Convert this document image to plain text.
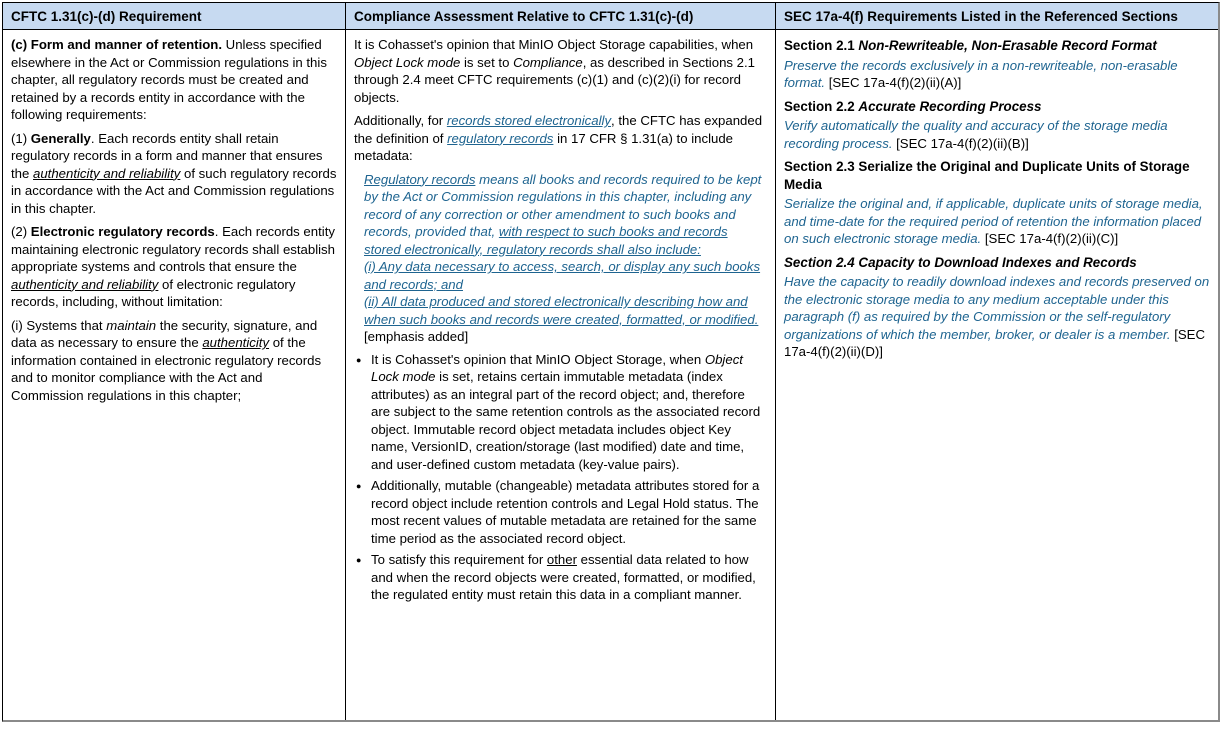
CFTC 1.31(c)-(d) Requirement	Compliance Assessment Relative to CFTC 1.31(c)-(d)	SEC 17a-4(f) Requirements Listed in the Referenced Sections
(c) Form and manner of retention. Unless specified elsewhere in the Act or Commission regulations in this chapter, all regulatory records must be created and retained by a records entity in accordance with the following requirements:
(1) Generally. Each records entity shall retain regulatory records in a form and manner that ensures the authenticity and reliability of such regulatory records in accordance with the Act and Commission regulations in this chapter.
(2) Electronic regulatory records. Each records entity maintaining electronic regulatory records shall establish appropriate systems and controls that ensure the authenticity and reliability of electronic regulatory records, including, without limitation:
(i) Systems that maintain the security, signature, and data as necessary to ensure the authenticity of the information contained in electronic regulatory records and to monitor compliance with the Act and Commission regulations in this chapter;
It is Cohasset's opinion that MinIO Object Storage capabilities, when Object Lock mode is set to Compliance, as described in Sections 2.1 through 2.4 meet CFTC requirements (c)(1) and (c)(2)(i) for record objects.
Additionally, for records stored electronically, the CFTC has expanded the definition of regulatory records in 17 CFR § 1.31(a) to include metadata:
Regulatory records means all books and records required to be kept by the Act or Commission regulations in this chapter, including any record of any correction or other amendment to such books and records, provided that, with respect to such books and records stored electronically, regulatory records shall also include:
(i) Any data necessary to access, search, or display any such books and records; and
(ii) All data produced and stored electronically describing how and when such books and records were created, formatted, or modified. [emphasis added]
● It is Cohasset's opinion that MinIO Object Storage, when Object Lock mode is set, retains certain immutable metadata (index attributes) as an integral part of the record object; and, therefore are subject to the same retention controls as the associated record object. Immutable record object metadata includes object Key name, VersionID, creation/storage (last modified) date and time, and user-defined custom metadata (key-value pairs).
● Additionally, mutable (changeable) metadata attributes stored for a record object include retention controls and Legal Hold status. The most recent values of mutable metadata are retained for the same time period as the associated record object.
● To satisfy this requirement for other essential data related to how and when the record objects were created, formatted, or modified, the regulated entity must retain this data in a compliant manner.
Section 2.1 Non-Rewriteable, Non-Erasable Record Format
Preserve the records exclusively in a non-rewriteable, non-erasable format. [SEC 17a-4(f)(2)(ii)(A)]
Section 2.2 Accurate Recording Process
Verify automatically the quality and accuracy of the storage media recording process. [SEC 17a-4(f)(2)(ii)(B)]
Section 2.3 Serialize the Original and Duplicate Units of Storage Media
Serialize the original and, if applicable, duplicate units of storage media, and time-date for the required period of retention the information placed on such electronic storage media. [SEC 17a-4(f)(2)(ii)(C)]
Section 2.4 Capacity to Download Indexes and Records
Have the capacity to readily download indexes and records preserved on the electronic storage media to any medium acceptable under this paragraph (f) as required by the Commission or the self-regulatory organizations of which the member, broker, or dealer is a member. [SEC 17a-4(f)(2)(ii)(D)]
